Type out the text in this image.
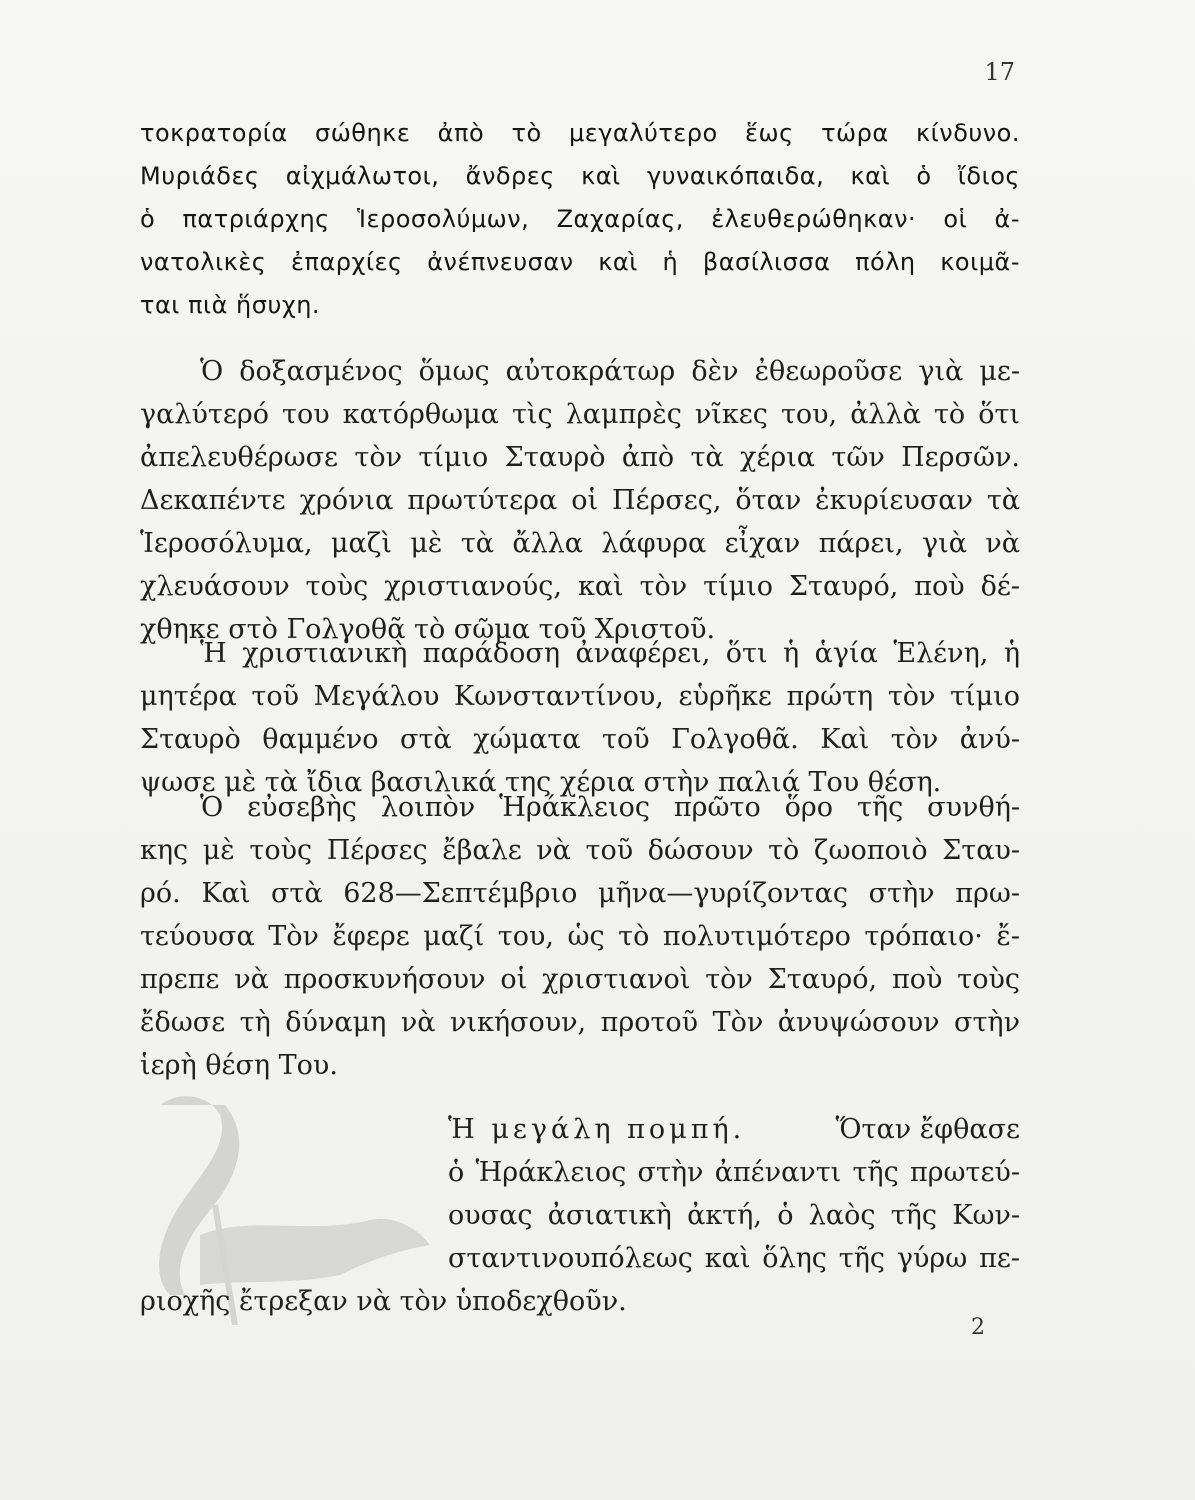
17
τοκρατορία σώθηκε ἀπὸ τὸ μεγαλύτερο ἕως τώρα κίνδυνο.
Μυριάδες αἰχμάλωτοι, ἄνδρες καὶ γυναικόπαιδα, καὶ ὁ ἴδιος
ὁ πατριάρχης Ἱεροσολύμων, Ζαχαρίας, ἐλευθερώθηκαν· οἱ ἀ-
νατολικὲς ἐπαρχίες ἀνέπνευσαν καὶ ἡ βασίλισσα πόλη κοιμᾶ-
ται πιὰ ἥσυχη.
Ὁ δοξασμένος ὅμως αὐτοκράτωρ δὲν ἐθεωροῦσε γιὰ με-
γαλύτερό του κατόρθωμα τὶς λαμπρὲς νῖκες του, ἀλλὰ τὸ ὅτι
ἀπελευθέρωσε τὸν τίμιο Σταυρὸ ἀπὸ τὰ χέρια τῶν Περσῶν.
Δεκαπέντε χρόνια πρωτύτερα οἱ Πέρσες, ὅταν ἐκυρίευσαν τὰ
Ἱεροσόλυμα, μαζὶ μὲ τὰ ἄλλα λάφυρα εἶχαν πάρει, γιὰ νὰ
χλευάσουν τοὺς χριστιανούς, καὶ τὸν τίμιο Σταυρό, ποὺ δέ-
χθηκε στὸ Γολγοθᾶ τὸ σῶμα τοῦ Χριστοῦ.
Ἡ χριστιανικὴ παράδοση ἀναφέρει, ὅτι ἡ ἁγία Ἑλένη, ἡ
μητέρα τοῦ Μεγάλου Κωνσταντίνου, εὑρῆκε πρώτη τὸν τίμιο
Σταυρὸ θαμμένο στὰ χώματα τοῦ Γολγοθᾶ. Καὶ τὸν ἀνύ-
ψωσε μὲ τὰ ἴδια βασιλικά της χέρια στὴν παλιά Του θέση.
Ὁ εὐσεβὴς λοιπὸν Ἡράκλειος πρῶτο ὅρο τῆς συνθή-
κης μὲ τοὺς Πέρσες ἔβαλε νὰ τοῦ δώσουν τὸ ζωοποιὸ Σταυ-
ρό. Καὶ στὰ 628—Σεπτέμβριο μῆνα—γυρίζοντας στὴν πρω-
τεύουσα Τὸν ἔφερε μαζί του, ὡς τὸ πολυτιμότερο τρόπαιο· ἔ-
πρεπε νὰ προσκυνήσουν οἱ χριστιανοὶ τὸν Σταυρό, ποὺ τοὺς
ἔδωσε τὴ δύναμη νὰ νικήσουν, προτοῦ Τὸν ἀνυψώσουν στὴν
ἱερὴ θέση Του.
Ἡ μεγάλη πομπή.	Ὅταν ἔφθασε
ὁ Ἡράκλειος στὴν ἀπέναντι τῆς πρωτεύ-
ουσας ἀσιατικὴ ἀκτή, ὁ λαὸς τῆς Κων-
σταντινουπόλεως καὶ ὅλης τῆς γύρω πε-
ριοχῆς ἔτρεξαν νὰ τὸν ὑποδεχθοῦν.
2
